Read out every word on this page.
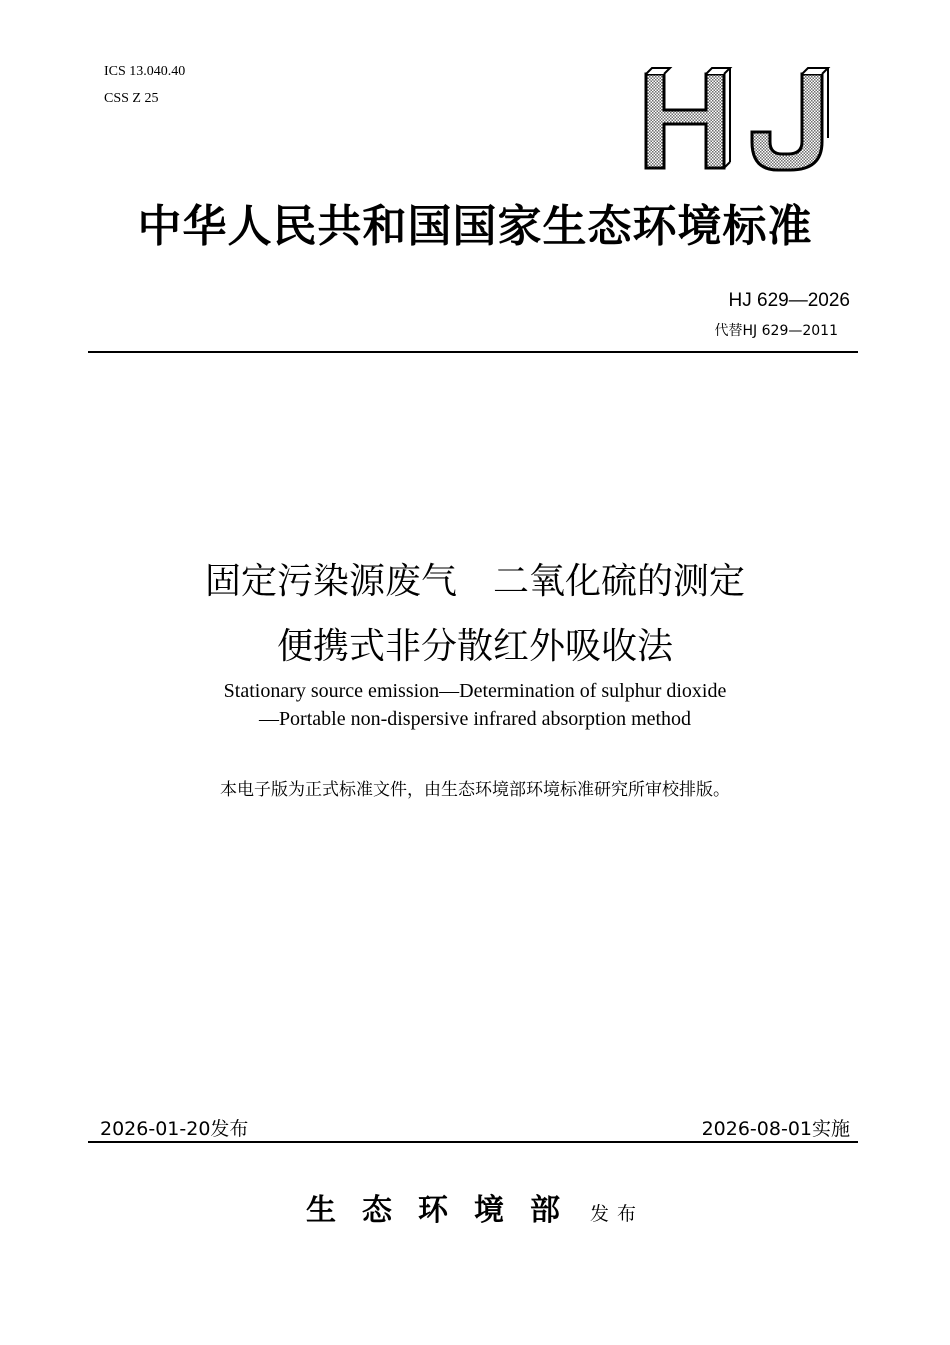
ICS 13.040.40
CSS Z 25
中华人民共和国国家生态环境标准
HJ 629—2026
代替HJ 629—2011
固定污染源废气　二氧化硫的测定
便携式非分散红外吸收法
Stationary source emission—Determination of sulphur dioxide
—Portable non-dispersive infrared absorption method
本电子版为正式标准文件，由生态环境部环境标准研究所审校排版。
2026-01-20发布	2026-08-01实施
生态环境部 发布
